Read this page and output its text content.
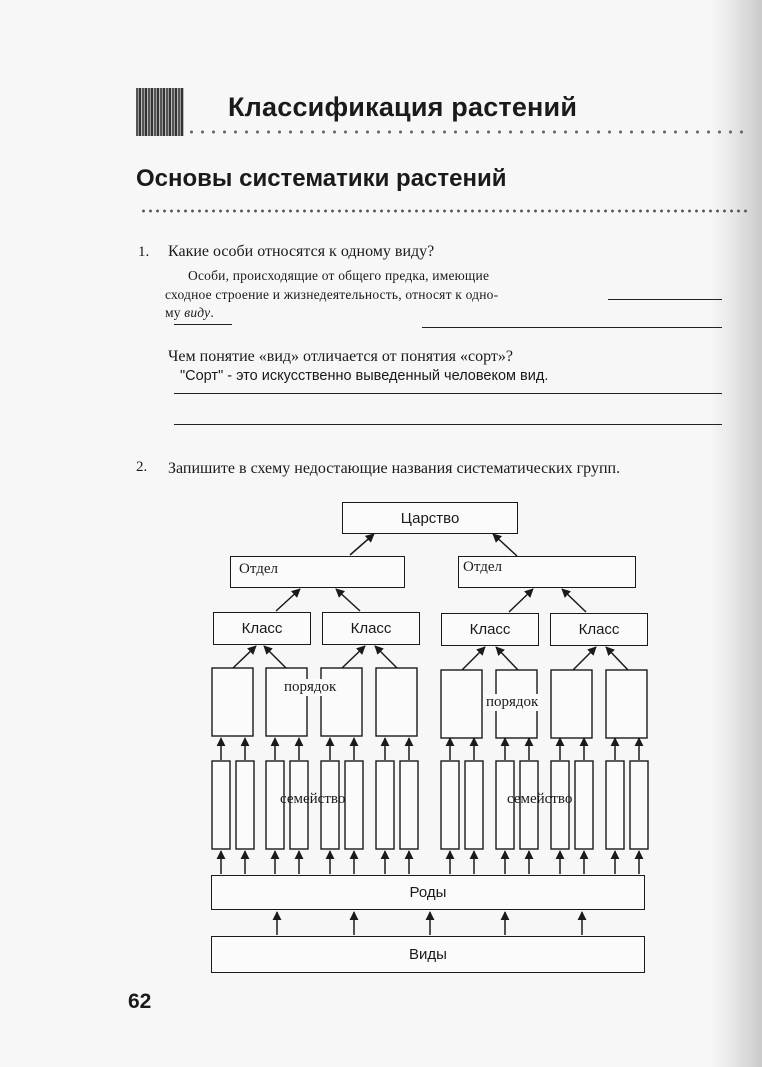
Классификация растений
Основы систематики растений
1. Какие особи относятся к одному виду?
Особи, происходящие от общего предка, имеющие
сходное строение и жизнедеятельность, относят к одно-
му виду.
Чем понятие «вид» отличается от понятия «сорт»?
"Сорт" - это искусственно выведенный человеком вид.
2. Запишите в схему недостающие названия систематических групп.
Царство
Отдел	Отдел
Класс	Класс	Класс	Класс
порядок
порядок
семейство	семейство
Роды
Виды
62
